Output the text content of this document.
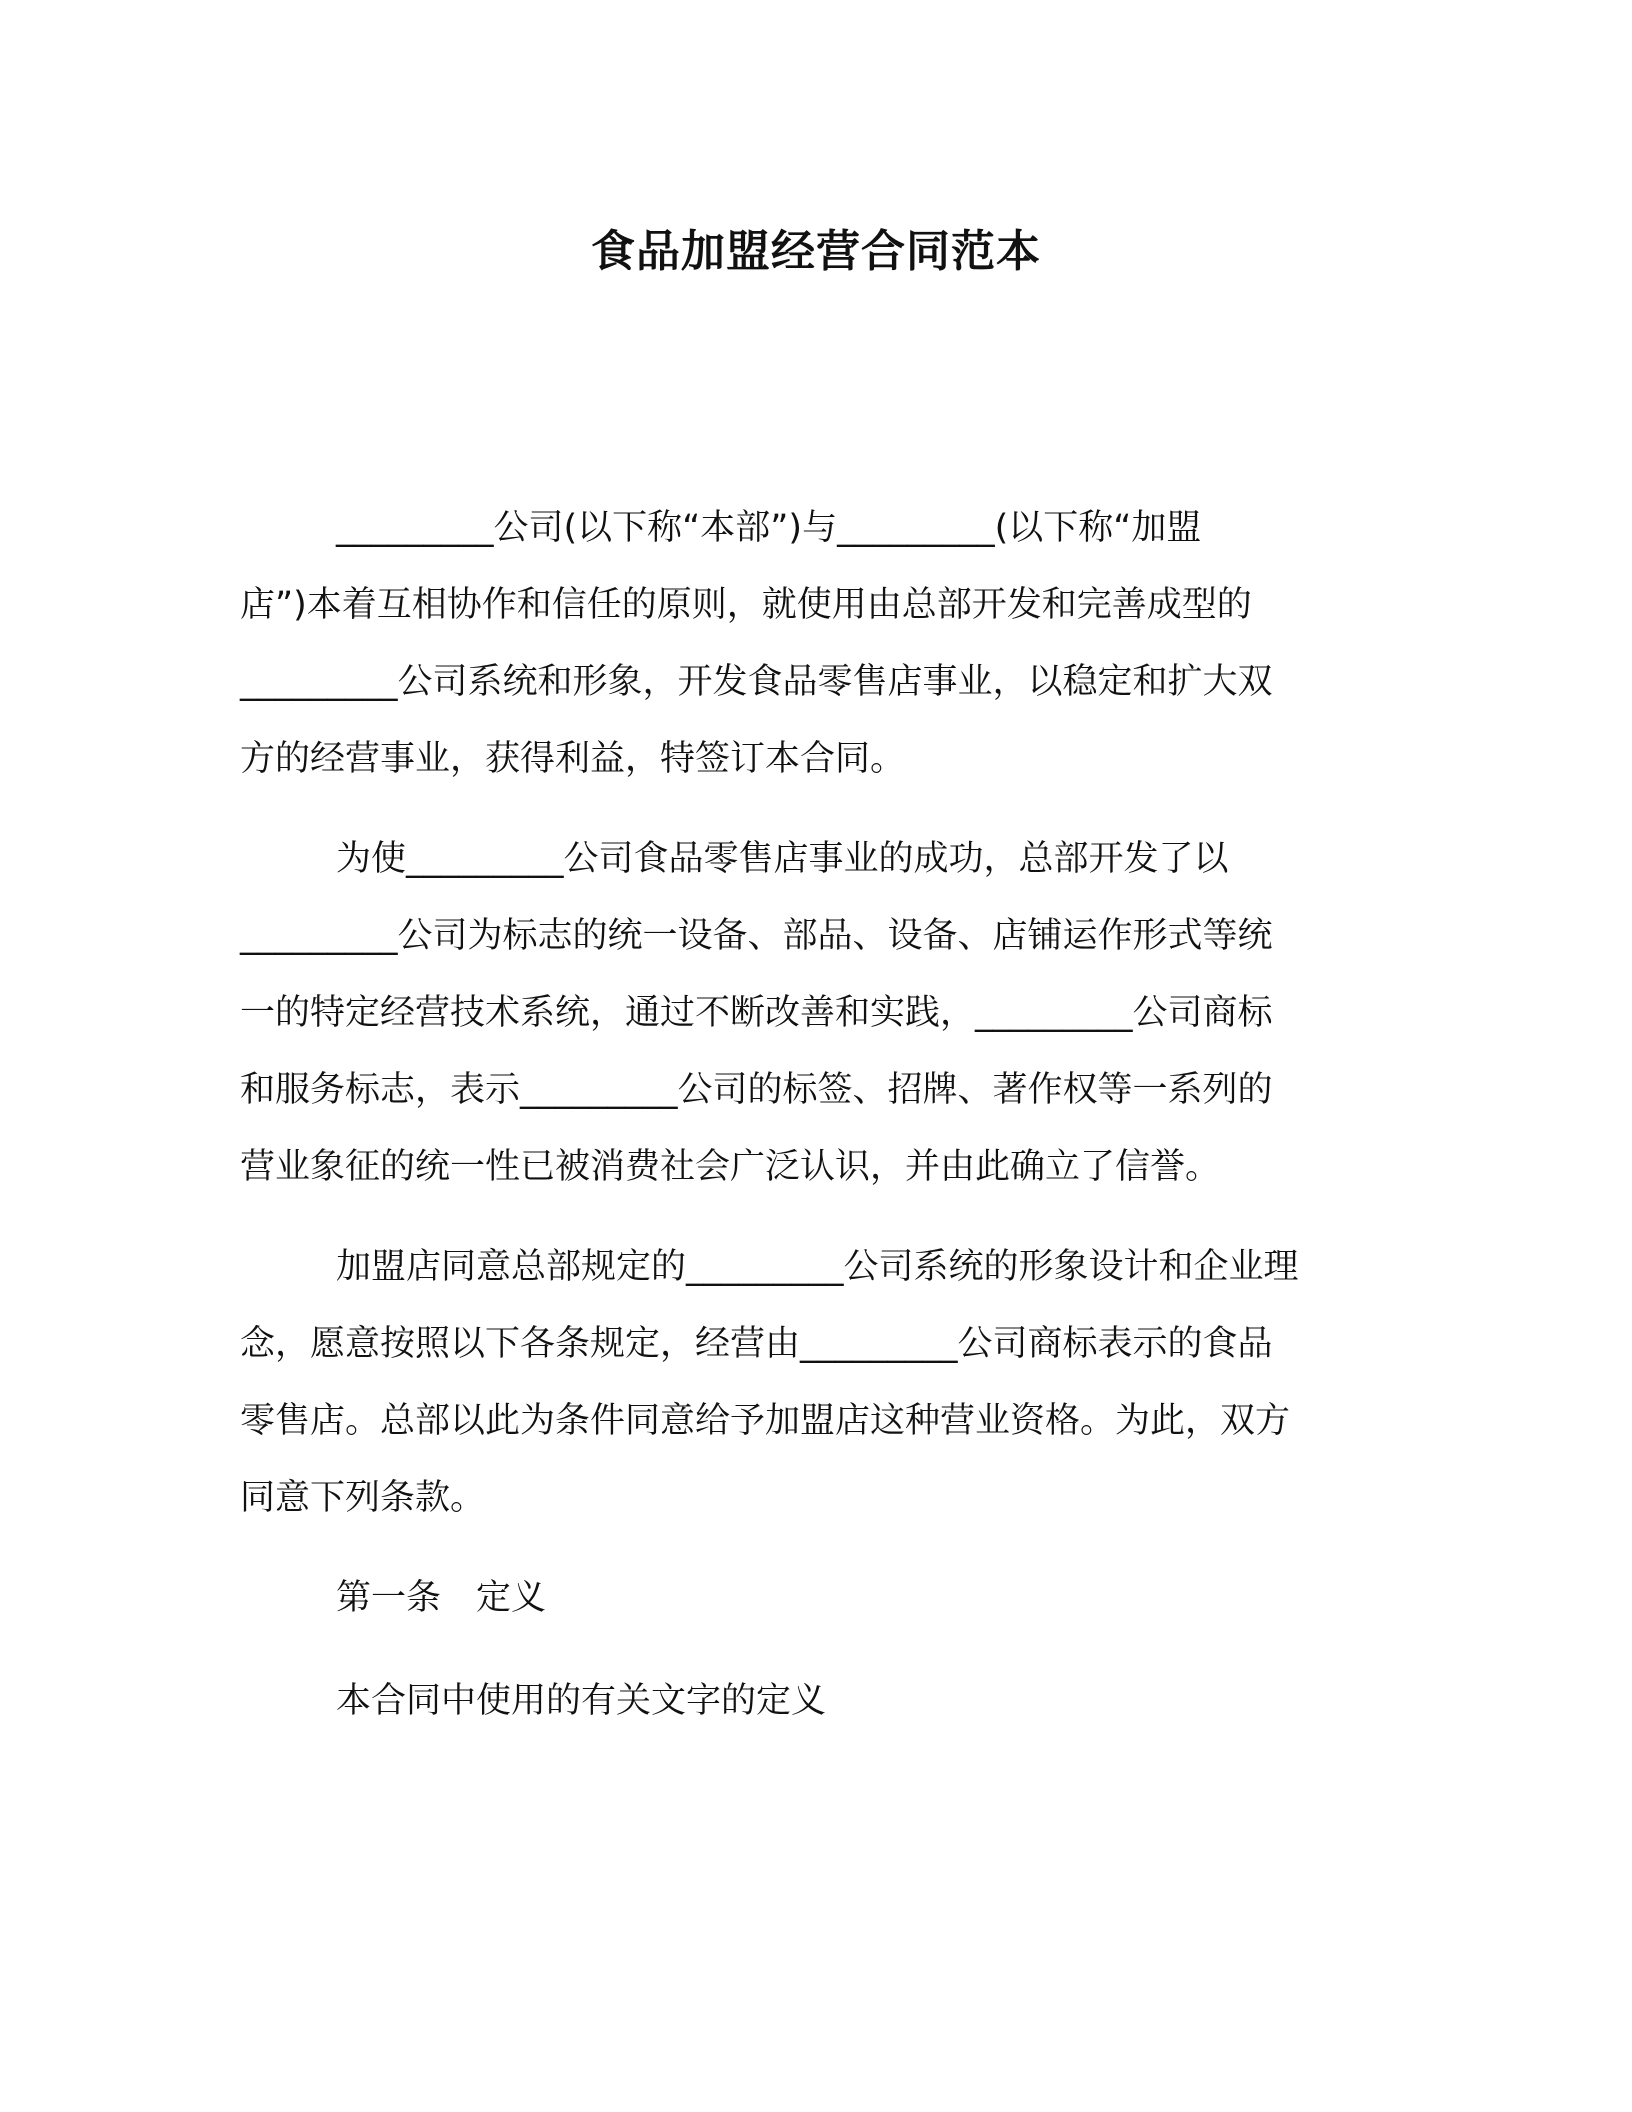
食品加盟经营合同范本
_________公司(以下称“本部”)与_________(以下称“加盟
店”)本着互相协作和信任的原则，就使用由总部开发和完善成型的
_________公司系统和形象，开发食品零售店事业，以稳定和扩大双
方的经营事业，获得利益，特签订本合同。
为使_________公司食品零售店事业的成功，总部开发了以
_________公司为标志的统一设备、部品、设备、店铺运作形式等统
一的特定经营技术系统，通过不断改善和实践，_________公司商标
和服务标志，表示_________公司的标签、招牌、著作权等一系列的
营业象征的统一性已被消费社会广泛认识，并由此确立了信誉。
加盟店同意总部规定的_________公司系统的形象设计和企业理
念，愿意按照以下各条规定，经营由_________公司商标表示的食品
零售店。总部以此为条件同意给予加盟店这种营业资格。为此，双方
同意下列条款。
第一条　定义
本合同中使用的有关文字的定义
